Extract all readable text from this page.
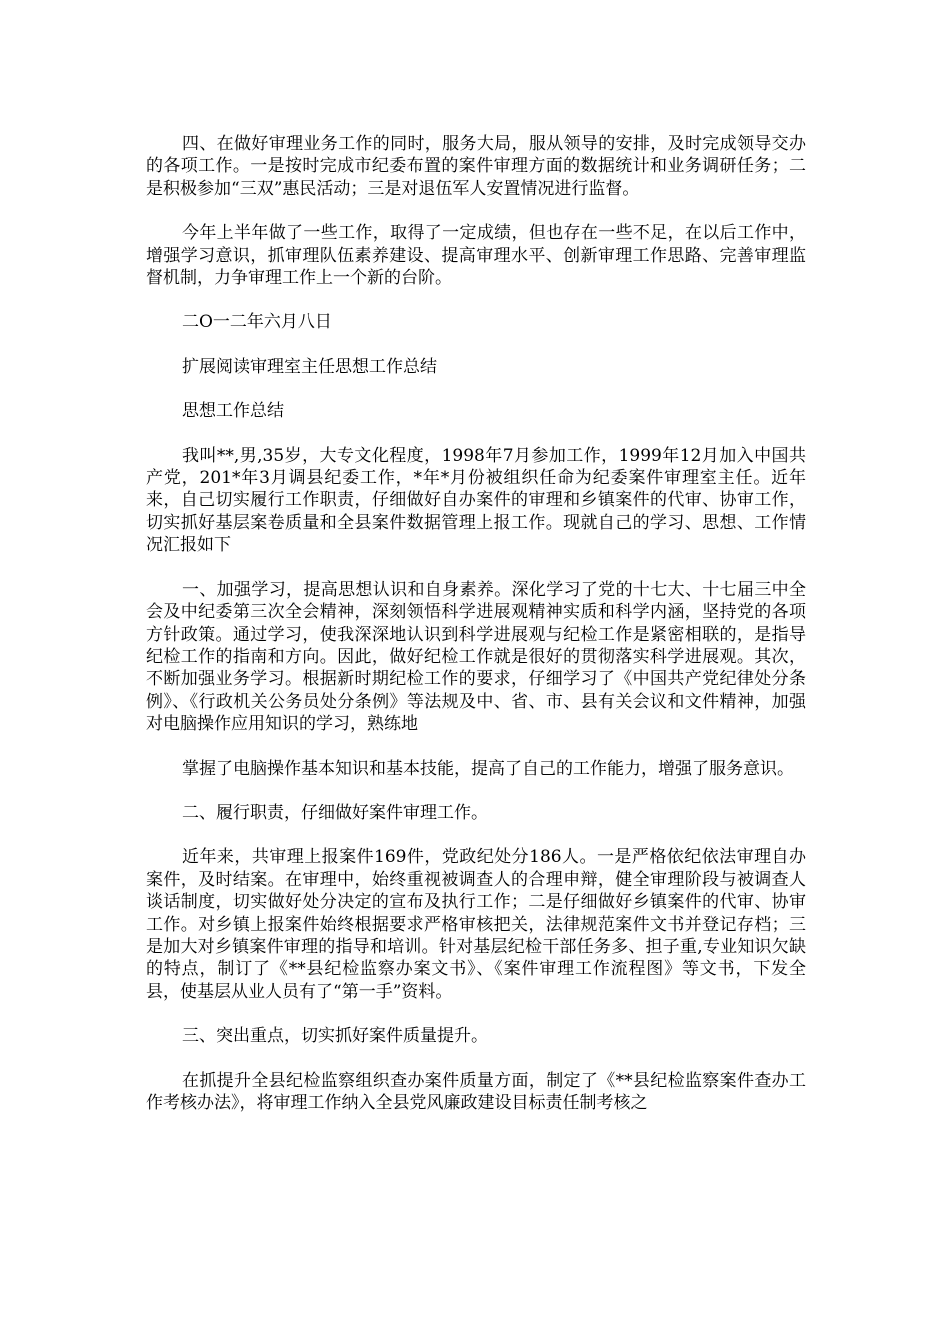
四、在做好审理业务工作的同时，服务大局，服从领导的安排，及时完成领导交办的各项工作。一是按时完成市纪委布置的案件审理方面的数据统计和业务调研任务；二是积极参加“三双”惠民活动；三是对退伍军人安置情况进行监督。

今年上半年做了一些工作，取得了一定成绩，但也存在一些不足，在以后工作中，增强学习意识，抓审理队伍素养建设、提高审理水平、创新审理工作思路、完善审理监督机制，力争审理工作上一个新的台阶。

二O一二年六月八日

扩展阅读审理室主任思想工作总结

思想工作总结

我叫**,男,35岁，大专文化程度，1998年7月参加工作，1999年12月加入中国共产党，201*年3月调县纪委工作，*年*月份被组织任命为纪委案件审理室主任。近年来，自己切实履行工作职责，仔细做好自办案件的审理和乡镇案件的代审、协审工作，切实抓好基层案卷质量和全县案件数据管理上报工作。现就自己的学习、思想、工作情况汇报如下

一、加强学习，提高思想认识和自身素养。深化学习了党的十七大、十七届三中全会及中纪委第三次全会精神，深刻领悟科学进展观精神实质和科学内涵，坚持党的各项方针政策。通过学习，使我深深地认识到科学进展观与纪检工作是紧密相联的，是指导纪检工作的指南和方向。因此，做好纪检工作就是很好的贯彻落实科学进展观。其次，不断加强业务学习。根据新时期纪检工作的要求，仔细学习了《中国共产党纪律处分条例》、《行政机关公务员处分条例》等法规及中、省、市、县有关会议和文件精神，加强对电脑操作应用知识的学习，熟练地

掌握了电脑操作基本知识和基本技能，提高了自己的工作能力，增强了服务意识。

二、履行职责，仔细做好案件审理工作。

近年来，共审理上报案件169件，党政纪处分186人。一是严格依纪依法审理自办案件，及时结案。在审理中，始终重视被调查人的合理申辩，健全审理阶段与被调查人谈话制度，切实做好处分决定的宣布及执行工作；二是仔细做好乡镇案件的代审、协审工作。对乡镇上报案件始终根据要求严格审核把关，法律规范案件文书并登记存档；三是加大对乡镇案件审理的指导和培训。针对基层纪检干部任务多、担子重,专业知识欠缺的特点，制订了《**县纪检监察办案文书》、《案件审理工作流程图》等文书，下发全县，使基层从业人员有了“第一手”资料。

三、突出重点，切实抓好案件质量提升。

在抓提升全县纪检监察组织查办案件质量方面，制定了《**县纪检监察案件查办工作考核办法》，将审理工作纳入全县党风廉政建设目标责任制考核之
